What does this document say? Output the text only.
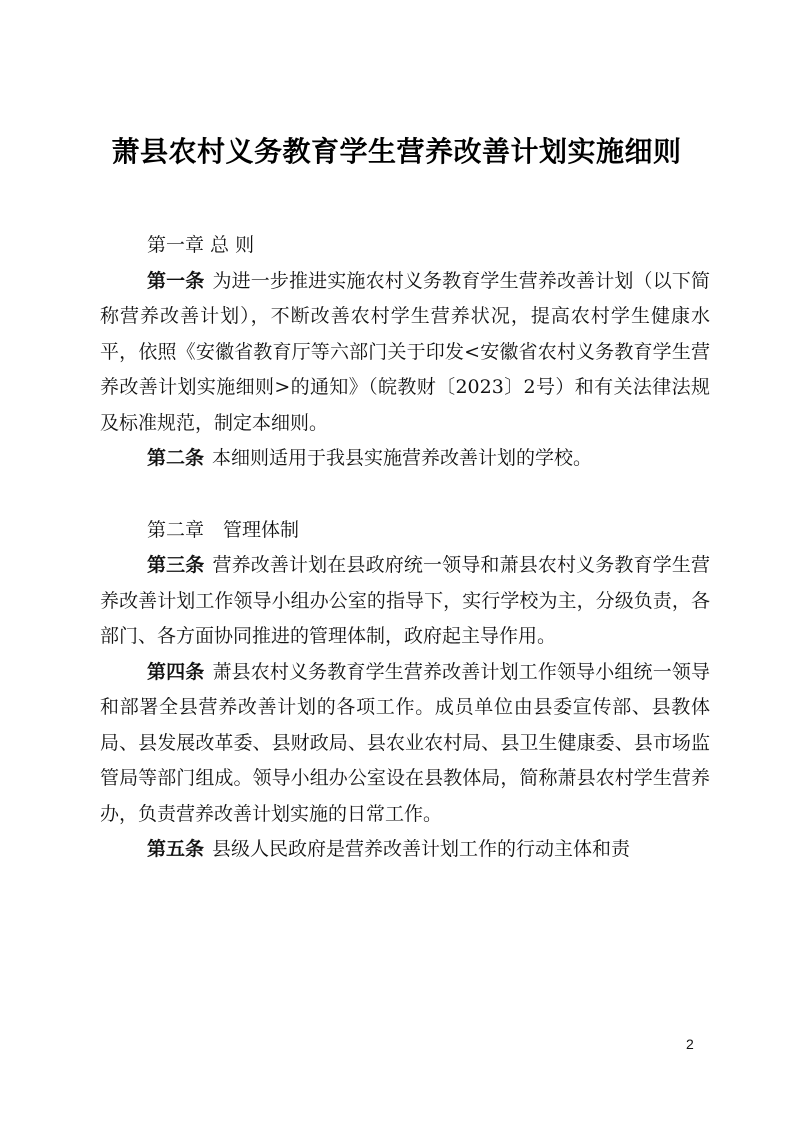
萧县农村义务教育学生营养改善计划实施细则

第一章 总 则

第一条 为进一步推进实施农村义务教育学生营养改善计划（以下简称营养改善计划），不断改善农村学生营养状况，提高农村学生健康水平，依照《安徽省教育厅等六部门关于印发<安徽省农村义务教育学生营养改善计划实施细则>的通知》（皖教财〔2023〕2号）和有关法律法规及标准规范，制定本细则。

第二条 本细则适用于我县实施营养改善计划的学校。

第二章　管理体制

第三条 营养改善计划在县政府统一领导和萧县农村义务教育学生营养改善计划工作领导小组办公室的指导下，实行学校为主，分级负责，各部门、各方面协同推进的管理体制，政府起主导作用。

第四条 萧县农村义务教育学生营养改善计划工作领导小组统一领导和部署全县营养改善计划的各项工作。成员单位由县委宣传部、县教体局、县发展改革委、县财政局、县农业农村局、县卫生健康委、县市场监管局等部门组成。领导小组办公室设在县教体局，简称萧县农村学生营养办，负责营养改善计划实施的日常工作。

第五条 县级人民政府是营养改善计划工作的行动主体和责

2
